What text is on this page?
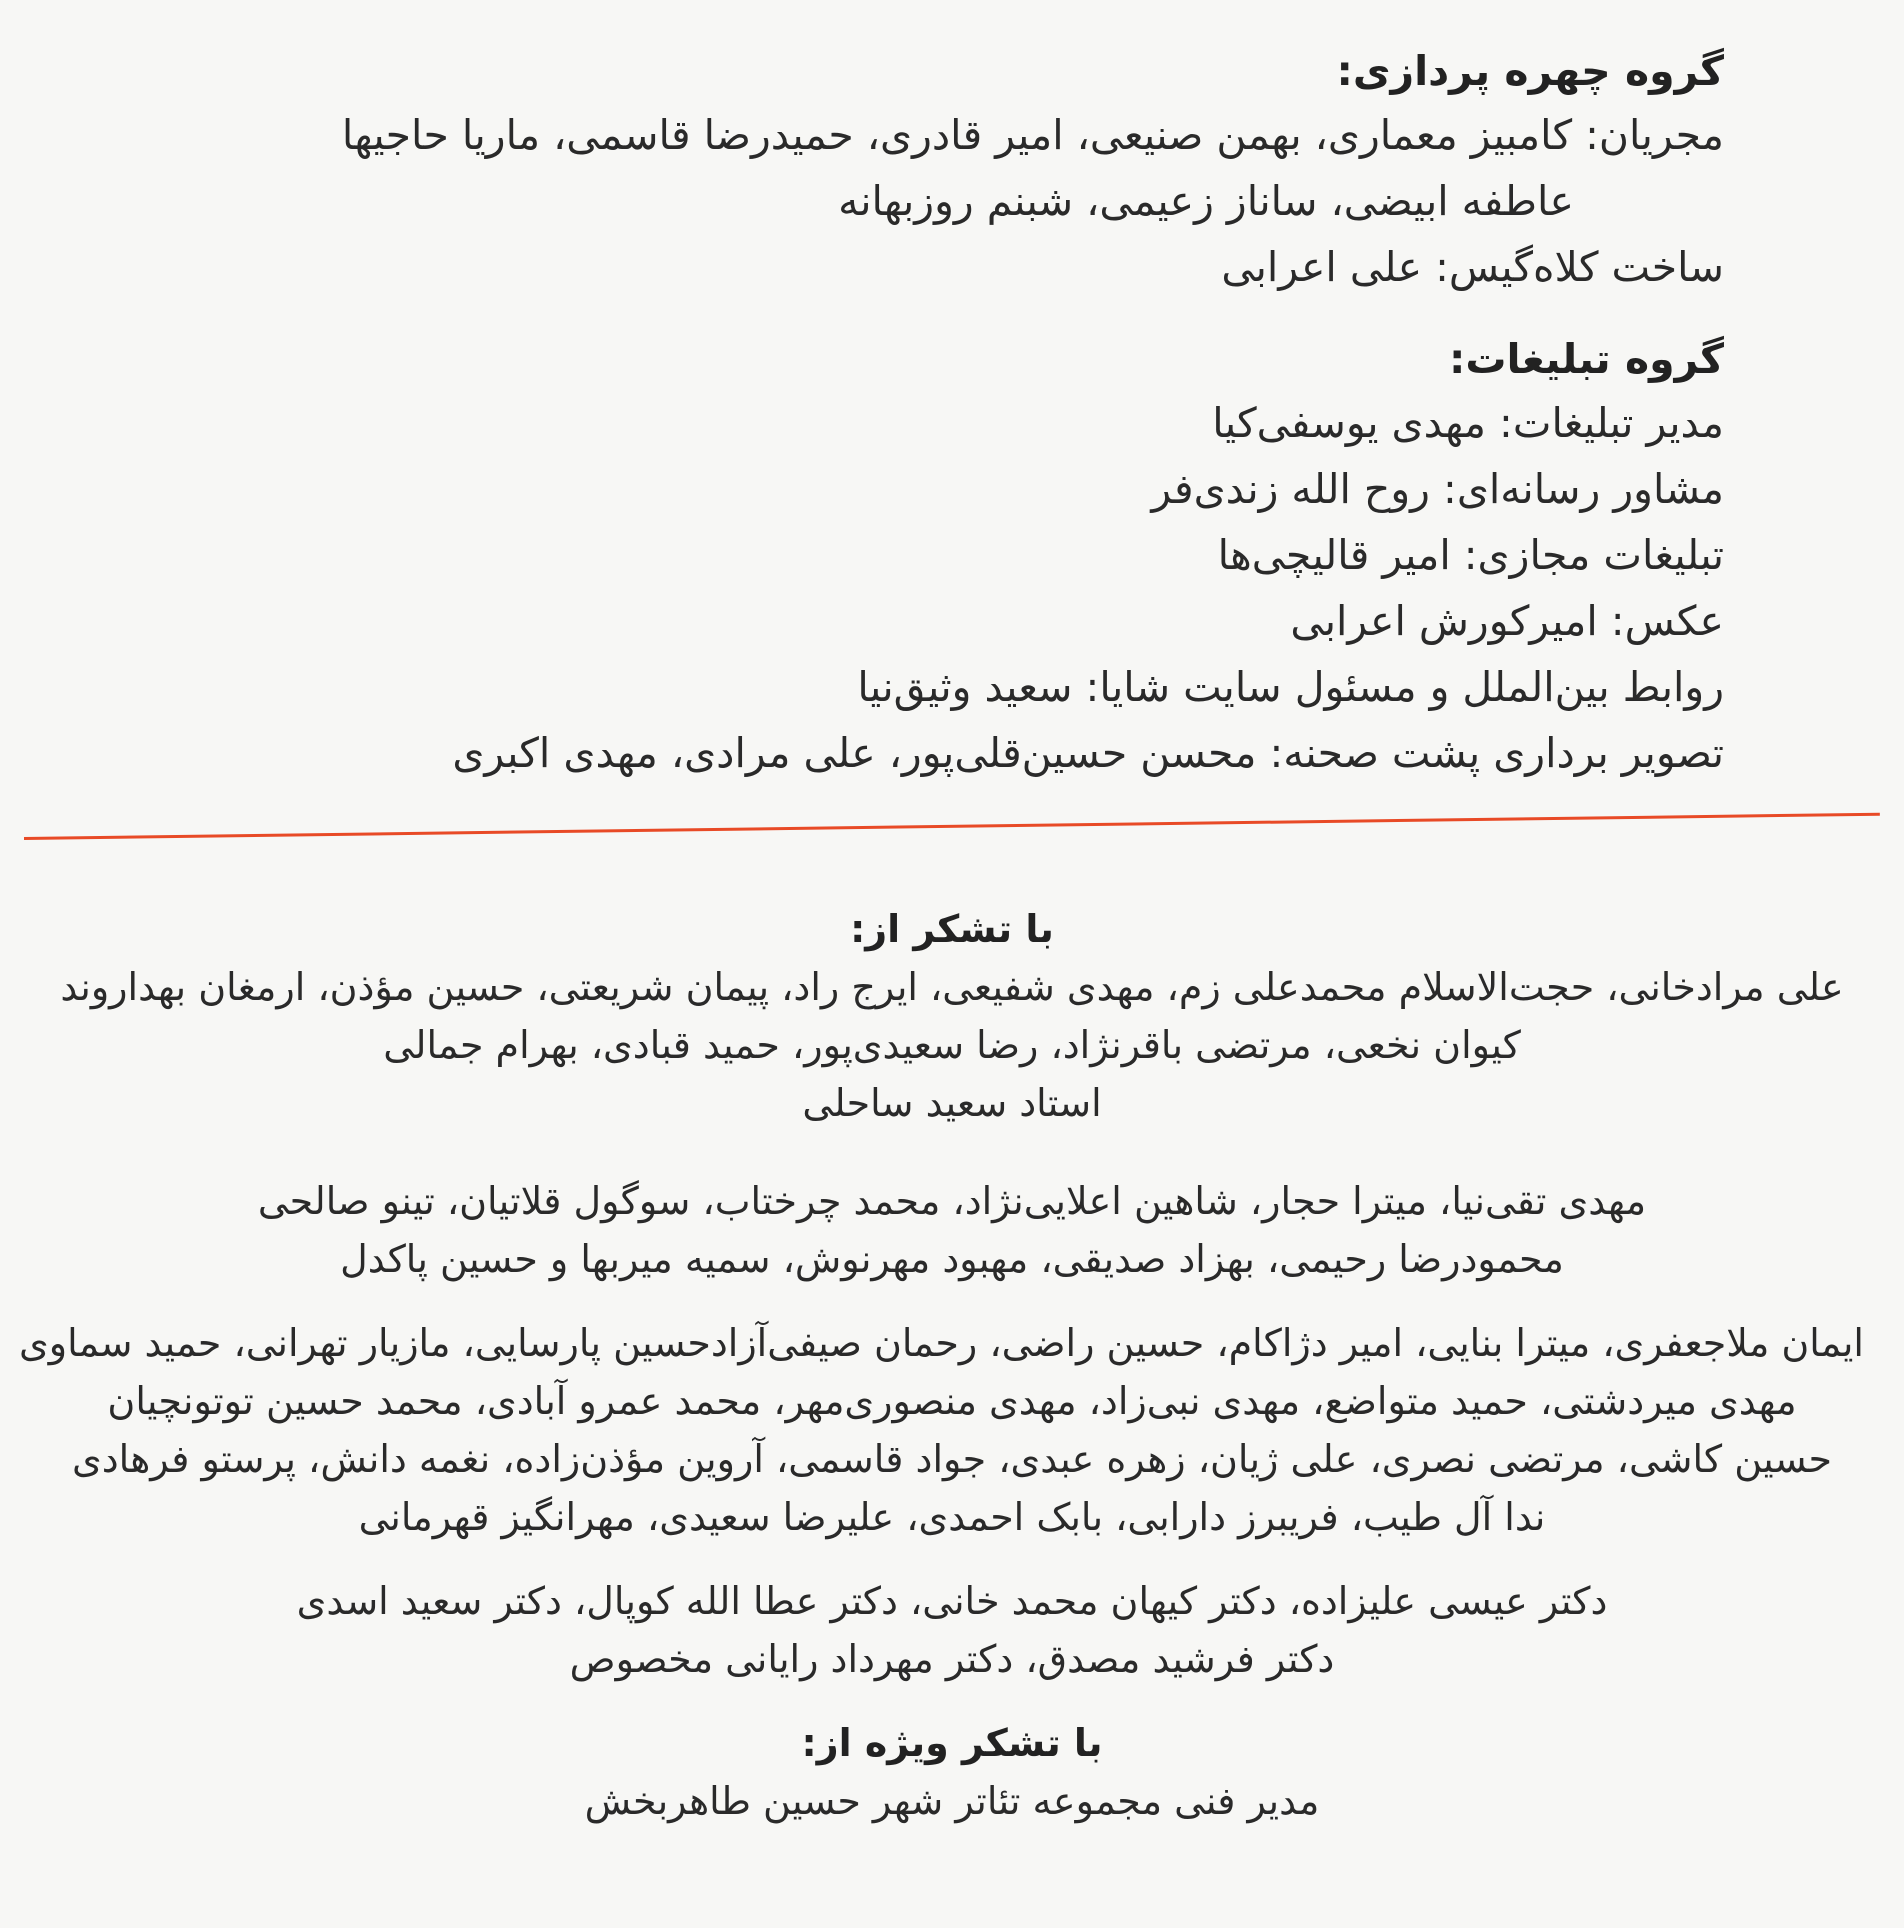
گروه چهره پردازی:

مجریان: کامبیز معماری، بهمن صنیعی، امیر قادری، حمیدرضا قاسمی، ماریا حاجیها

عاطفه ابیضی، ساناز زعیمی، شبنم روزبهانه

ساخت کلاه‌گیس: علی اعرابی

گروه تبلیغات:

مدیر تبلیغات: مهدی یوسفی‌کیا

مشاور رسانه‌ای: روح الله زندی‌فر

تبلیغات مجازی: امیر قالیچی‌ها

عکس: امیرکورش اعرابی

روابط بین‌الملل و مسئول سایت شایا: سعید وثیق‌نیا

تصویر برداری پشت صحنه: محسن حسین‌قلی‌پور، علی مرادی، مهدی اکبری

با تشکر از:

علی مرادخانی، حجت‌الاسلام محمدعلی زم، مهدی شفیعی، ایرج راد، پیمان شریعتی، حسین مؤذن، ارمغان بهداروند

کیوان نخعی، مرتضی باقرنژاد، رضا سعیدی‌پور، حمید قبادی، بهرام جمالی

استاد سعید ساحلی

مهدی تقی‌نیا، میترا حجار، شاهین اعلایی‌نژاد، محمد چرختاب، سوگول قلاتیان، تینو صالحی

محمودرضا رحیمی، بهزاد صدیقی، مهبود مهرنوش، سمیه میربها و حسین پاکدل

ایمان ملاجعفری، میترا بنایی، امیر دژاکام، حسین راضی، رحمان صیفی‌آزادحسین پارسایی، مازیار تهرانی، حمید سماوی

مهدی میردشتی، حمید متواضع، مهدی نبی‌زاد، مهدی منصوری‌مهر، محمد عمرو آبادی، محمد حسین توتونچیان

حسین کاشی، مرتضی نصری، علی ژیان، زهره عبدی، جواد قاسمی، آروین مؤذن‌زاده، نغمه دانش، پرستو فرهادی

ندا آل طیب، فریبرز دارابی، بابک احمدی، علیرضا سعیدی، مهرانگیز قهرمانی

دکتر عیسی علیزاده، دکتر کیهان محمد خانی، دکتر عطا الله کوپال، دکتر سعید اسدی

دکتر فرشید مصدق، دکتر مهرداد رایانی مخصوص

با تشکر ویژه از:

مدیر فنی مجموعه تئاتر شهر حسین طاهربخش
